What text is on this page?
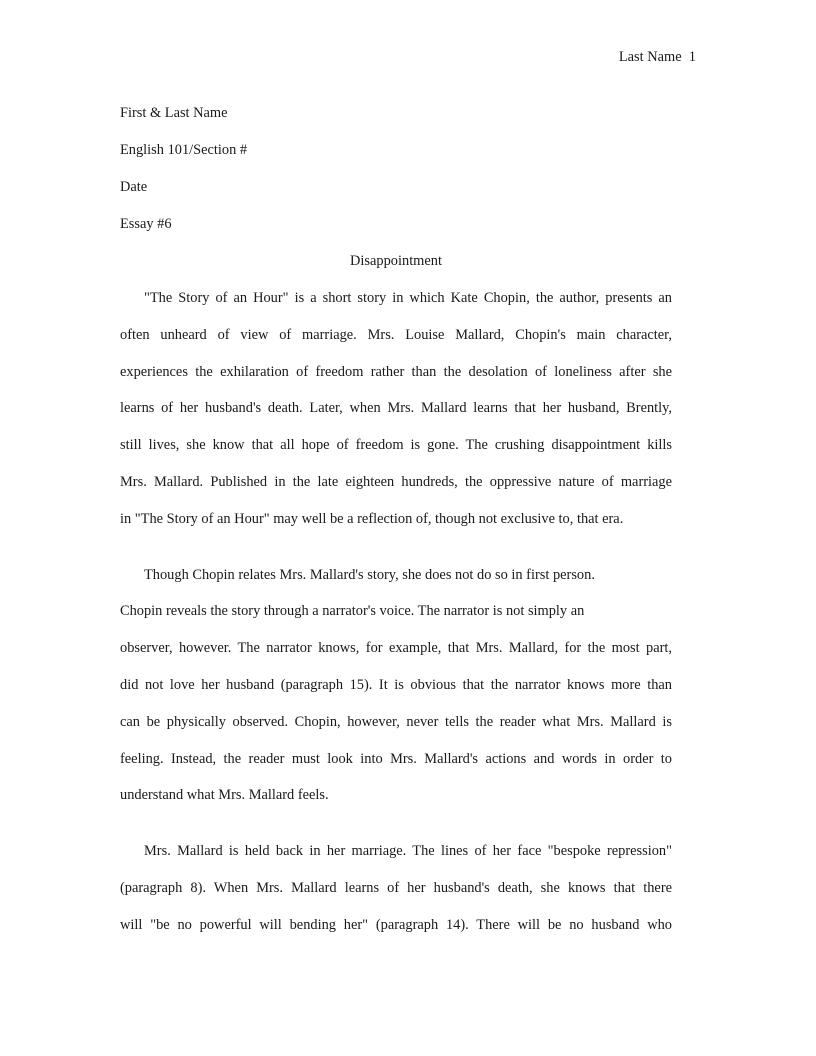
Last Name  1

First & Last Name

English 101/Section #

Date

Essay #6

Disappointment

"The Story of an Hour" is a short story in which Kate Chopin, the author, presents an
often unheard of view of marriage. Mrs. Louise Mallard, Chopin's main character,
experiences the exhilaration of freedom rather than the desolation of loneliness after she
learns of her husband's death. Later, when Mrs. Mallard learns that her husband, Brently,
still lives, she know that all hope of freedom is gone. The crushing disappointment kills
Mrs. Mallard. Published in the late eighteen hundreds, the oppressive nature of marriage
in "The Story of an Hour" may well be a reflection of, though not exclusive to, that era.
Though Chopin relates Mrs. Mallard's story, she does not do so in first person.
Chopin reveals the story through a narrator's voice. The narrator is not simply an
observer, however. The narrator knows, for example, that Mrs. Mallard, for the most part,
did not love her husband (paragraph 15). It is obvious that the narrator knows more than
can be physically observed. Chopin, however, never tells the reader what Mrs. Mallard is
feeling. Instead, the reader must look into Mrs. Mallard's actions and words in order to
understand what Mrs. Mallard feels.
Mrs. Mallard is held back in her marriage. The lines of her face "bespoke repression"
(paragraph 8). When Mrs. Mallard learns of her husband's death, she knows that there
will "be no powerful will bending her" (paragraph 14). There will be no husband who
